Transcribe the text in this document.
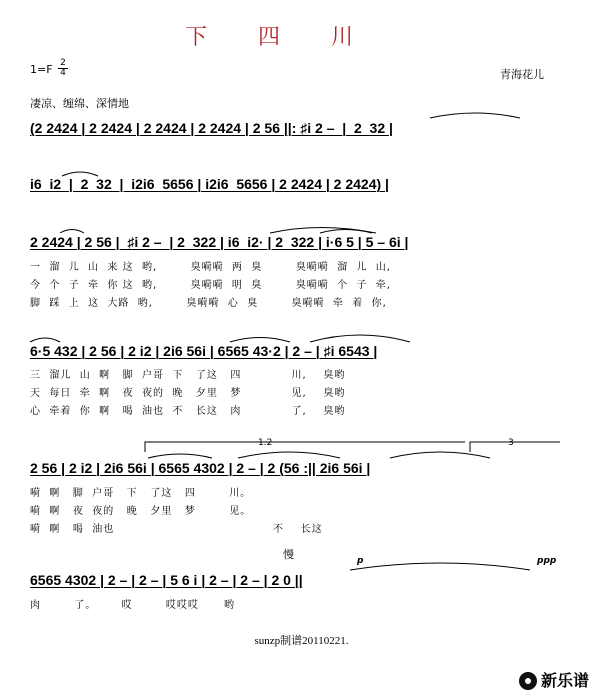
下 四 川
1=F 2
4	青海花儿
凄凉、缠绵、深情地
(2 2424 | 2 2424 | 2 2424 | 2 2424 | 2 56 ||: ♯i 2 –  |  2  32 |
i6  i2  |  2  32  |  i2i6  5656 | i2i6  5656 | 2 2424 | 2 2424) |
2 2424 | 2 56 |  ♯i 2 –  | 2  322 | i6  i2· | 2  322 | i·6 5 | 5 – 6i |
一  溜  儿  山  来 这  哟,        臭嗬嗬  两  臭        臭嗬嗬  溜  儿  山,
今  个  子  牵  你 这  哟,        臭嗬嗬  明  臭        臭嗬嗬  个  子  牵,
脚  踩  上  这  大路  哟,        臭嗬嗬  心  臭        臭嗬嗬  牵  着  你,
6·5 432 | 2 56 | 2 i2 | 2i6 56i | 6565 43·2 | 2 – | ♯i 6543 |
三  溜儿  山  啊   脚  户哥  下   了这   四            川,    臭哟
天  每日  牵  啊   夜  夜的  晚   夕里   梦            见,    臭哟
心  牵着  你  啊   喝  油也  不   长这   肉            了,    臭哟
1.2	3
2 56 | 2 i2 | 2i6 56i | 6565 4302 | 2 – | 2 (56 :|| 2i6 56i |
嗬  啊   脚  户哥   下   了这   四        川。
嗬  啊   夜  夜的   晚   夕里   梦        见。
嗬  啊   喝  油也                                      不    长这
慢	p	ppp
6565 4302 | 2 – | 2 – | 5 6 i | 2 – | 2 – | 2 0 ||
肉        了。      哎        哎哎哎      哟
sunzp制谱20110221.
新乐谱
